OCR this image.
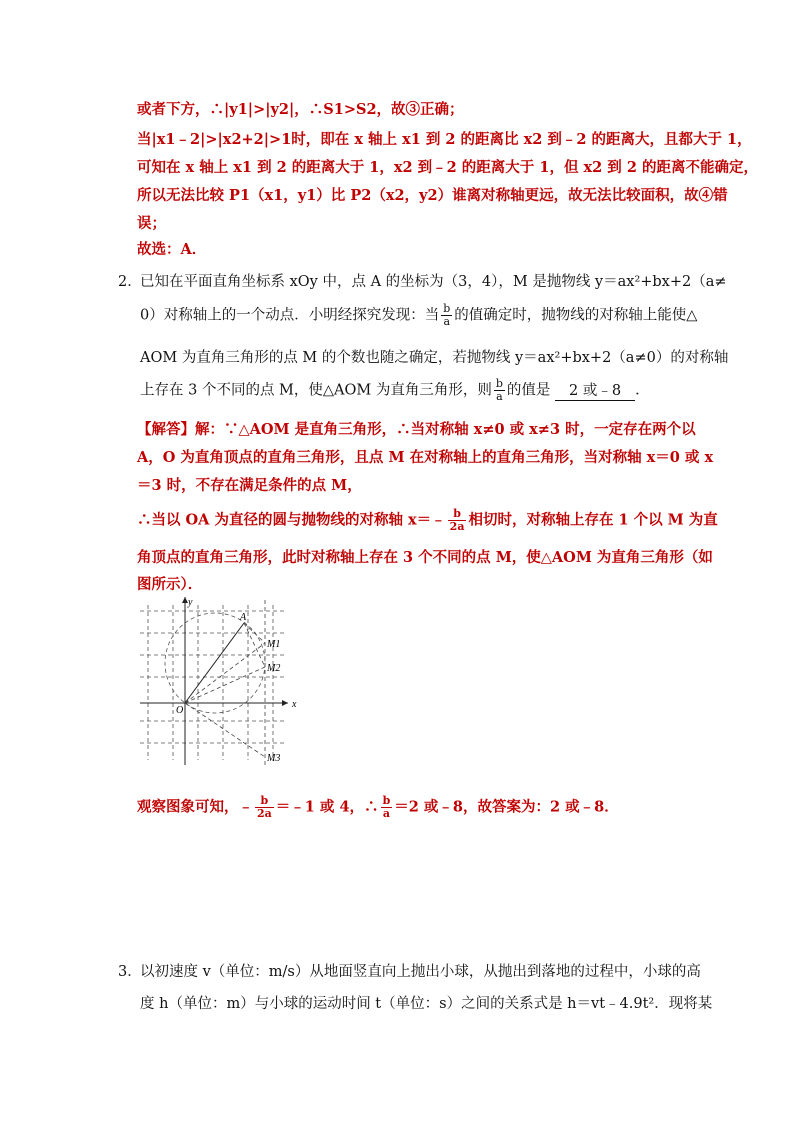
或者下方，∴|y1|>|y2|，∴S1>S2，故③正确；
当|x1﹣2|>|x2+2|>1时，即在 x 轴上 x1 到 2 的距离比 x2 到﹣2 的距离大，且都大于 1，
可知在 x 轴上 x1 到 2 的距离大于 1，x2 到﹣2 的距离大于 1，但 x2 到 2 的距离不能确定，
所以无法比较 P1（x1，y1）比 P2（x2，y2）谁离对称轴更远，故无法比较面积，故④错
误；
故选：A．
2．
已知在平面直角坐标系 xOy 中，点 A 的坐标为（3，4），M 是抛物线 y＝ax²+bx+2（a≠
0）对称轴上的一个动点．小明经探究发现：当 $\frac{b}{a}$ 的值确定时，抛物线的对称轴上能使△
AOM 为直角三角形的点 M 的个数也随之确定，若抛物线 y＝ax²+bx+2（a≠0）的对称轴
上存在 3 个不同的点 M，使△AOM 为直角三角形，则 $\frac{b}{a}$ 的值是 2 或﹣8 ．
【解答】解：∵△AOM 是直角三角形，∴当对称轴 x≠0 或 x≠3 时，一定存在两个以
A，O 为直角顶点的直角三角形，且点 M 在对称轴上的直角三角形，当对称轴 x＝0 或 x
＝3 时，不存在满足条件的点 M，
∴当以 OA 为直径的圆与抛物线的对称轴 x＝﹣ $\frac{b}{2a}$ 相切时，对称轴上存在 1 个以 M 为直
角顶点的直角三角形，此时对称轴上存在 3 个不同的点 M，使△AOM 为直角三角形（如
图所示）．
x
y
O
A
M1
M2
M3
观察图象可知，﹣ $\frac{b}{2a}$ ＝﹣1 或 4，∴ $\frac{b}{a} =2$ 或﹣8，故答案为：2 或﹣8．
3．
以初速度 v（单位：m/s）从地面竖直向上抛出小球，从抛出到落地的过程中，小球的高
度 h（单位：m）与小球的运动时间 t（单位：s）之间的关系式是 h＝vt﹣4.9t²．现将某
